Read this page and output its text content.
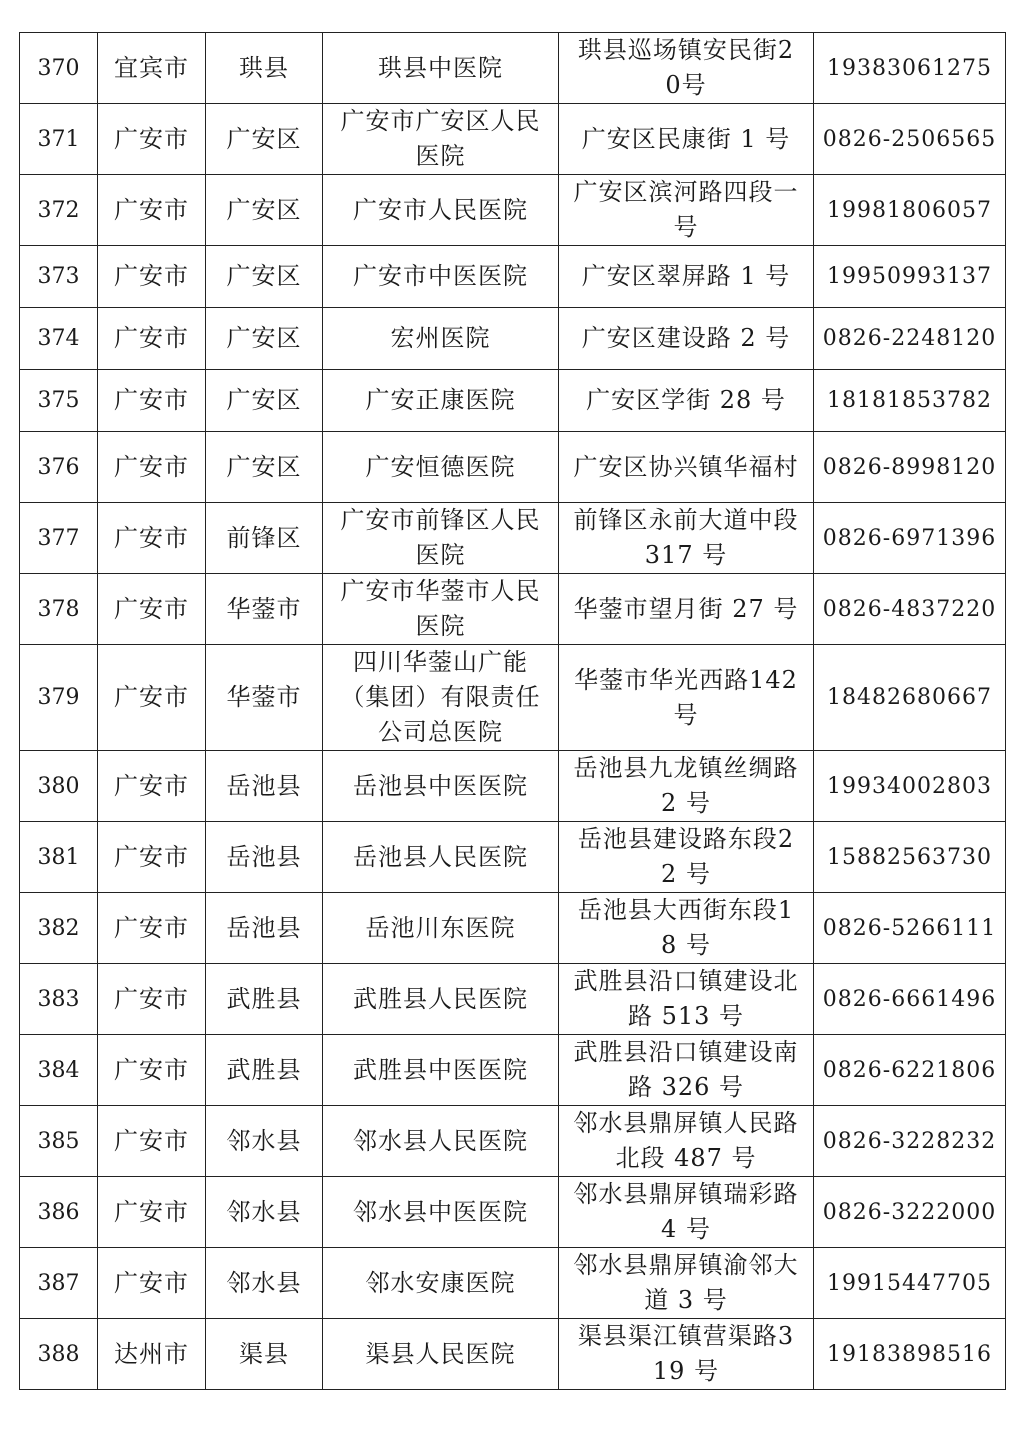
370	宜宾市	珙县	珙县中医院	珙县巡场镇安民街20号	19383061275
371	广安市	广安区	广安市广安区人民医院	广安区民康街 1 号	0826-2506565
372	广安市	广安区	广安市人民医院	广安区滨河路四段一号	19981806057
373	广安市	广安区	广安市中医医院	广安区翠屏路 1 号	19950993137
374	广安市	广安区	宏州医院	广安区建设路 2 号	0826-2248120
375	广安市	广安区	广安正康医院	广安区学街 28 号	18181853782
376	广安市	广安区	广安恒德医院	广安区协兴镇华福村	0826-8998120
377	广安市	前锋区	广安市前锋区人民医院	前锋区永前大道中段 317 号	0826-6971396
378	广安市	华蓥市	广安市华蓥市人民医院	华蓥市望月街 27 号	0826-4837220
379	广安市	华蓥市	四川华蓥山广能（集团）有限责任公司总医院	华蓥市华光西路142 号	18482680667
380	广安市	岳池县	岳池县中医医院	岳池县九龙镇丝绸路 2 号	19934002803
381	广安市	岳池县	岳池县人民医院	岳池县建设路东段22 号	15882563730
382	广安市	岳池县	岳池川东医院	岳池县大西街东段18 号	0826-5266111
383	广安市	武胜县	武胜县人民医院	武胜县沿口镇建设北路 513 号	0826-6661496
384	广安市	武胜县	武胜县中医医院	武胜县沿口镇建设南路 326 号	0826-6221806
385	广安市	邻水县	邻水县人民医院	邻水县鼎屏镇人民路北段 487 号	0826-3228232
386	广安市	邻水县	邻水县中医医院	邻水县鼎屏镇瑞彩路 4 号	0826-3222000
387	广安市	邻水县	邻水安康医院	邻水县鼎屏镇渝邻大道 3 号	19915447705
388	达州市	渠县	渠县人民医院	渠县渠江镇营渠路319 号	19183898516
